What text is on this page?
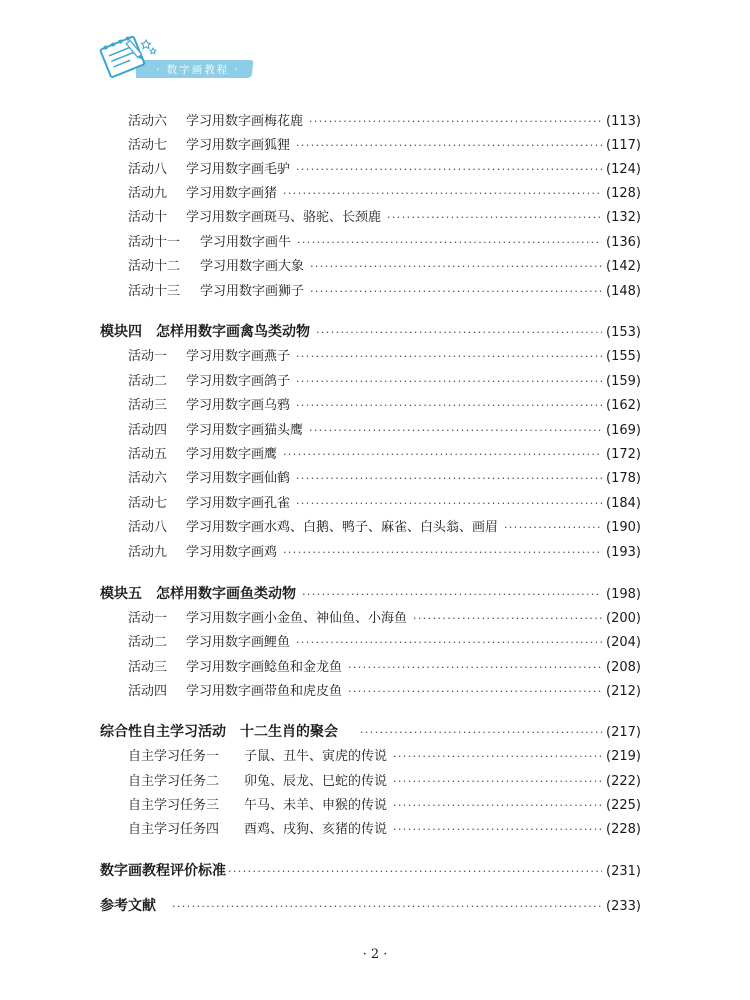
· 数字画教程 ·
活动六	学习用数字画梅花鹿 ·····	(113)
活动七	学习用数字画狐狸 ·····	(117)
活动八	学习用数字画毛驴 ·····	(124)
活动九	学习用数字画猪 ·····	(128)
活动十	学习用数字画斑马、骆驼、长颈鹿 ·····	(132)
活动十一	学习用数字画牛 ·····	(136)
活动十二	学习用数字画大象 ·····	(142)
活动十三	学习用数字画狮子 ·····	(148)
模块四 怎样用数字画禽鸟类动物 ·····	(153)
活动一	学习用数字画燕子 ·····	(155)
活动二	学习用数字画鸽子 ·····	(159)
活动三	学习用数字画乌鸦 ·····	(162)
活动四	学习用数字画猫头鹰 ·····	(169)
活动五	学习用数字画鹰 ·····	(172)
活动六	学习用数字画仙鹤 ·····	(178)
活动七	学习用数字画孔雀 ·····	(184)
活动八	学习用数字画水鸡、白鹅、鸭子、麻雀、白头翁、画眉 ·····	(190)
活动九	学习用数字画鸡 ·····	(193)
模块五 怎样用数字画鱼类动物 ·····	(198)
活动一	学习用数字画小金鱼、神仙鱼、小海鱼 ·····	(200)
活动二	学习用数字画鲤鱼 ·····	(204)
活动三	学习用数字画鲶鱼和金龙鱼 ·····	(208)
活动四	学习用数字画带鱼和虎皮鱼 ·····	(212)
综合性自主学习活动　十二生肖的聚会 ·····	(217)
自主学习任务一	子鼠、丑牛、寅虎的传说 ·····	(219)
自主学习任务二	卯兔、辰龙、巳蛇的传说 ·····	(222)
自主学习任务三	午马、未羊、申猴的传说 ·····	(225)
自主学习任务四	酉鸡、戌狗、亥猪的传说 ·····	(228)
数字画教程评价标准 ·····	(231)
参考文献 ·····	(233)
· 2 ·
